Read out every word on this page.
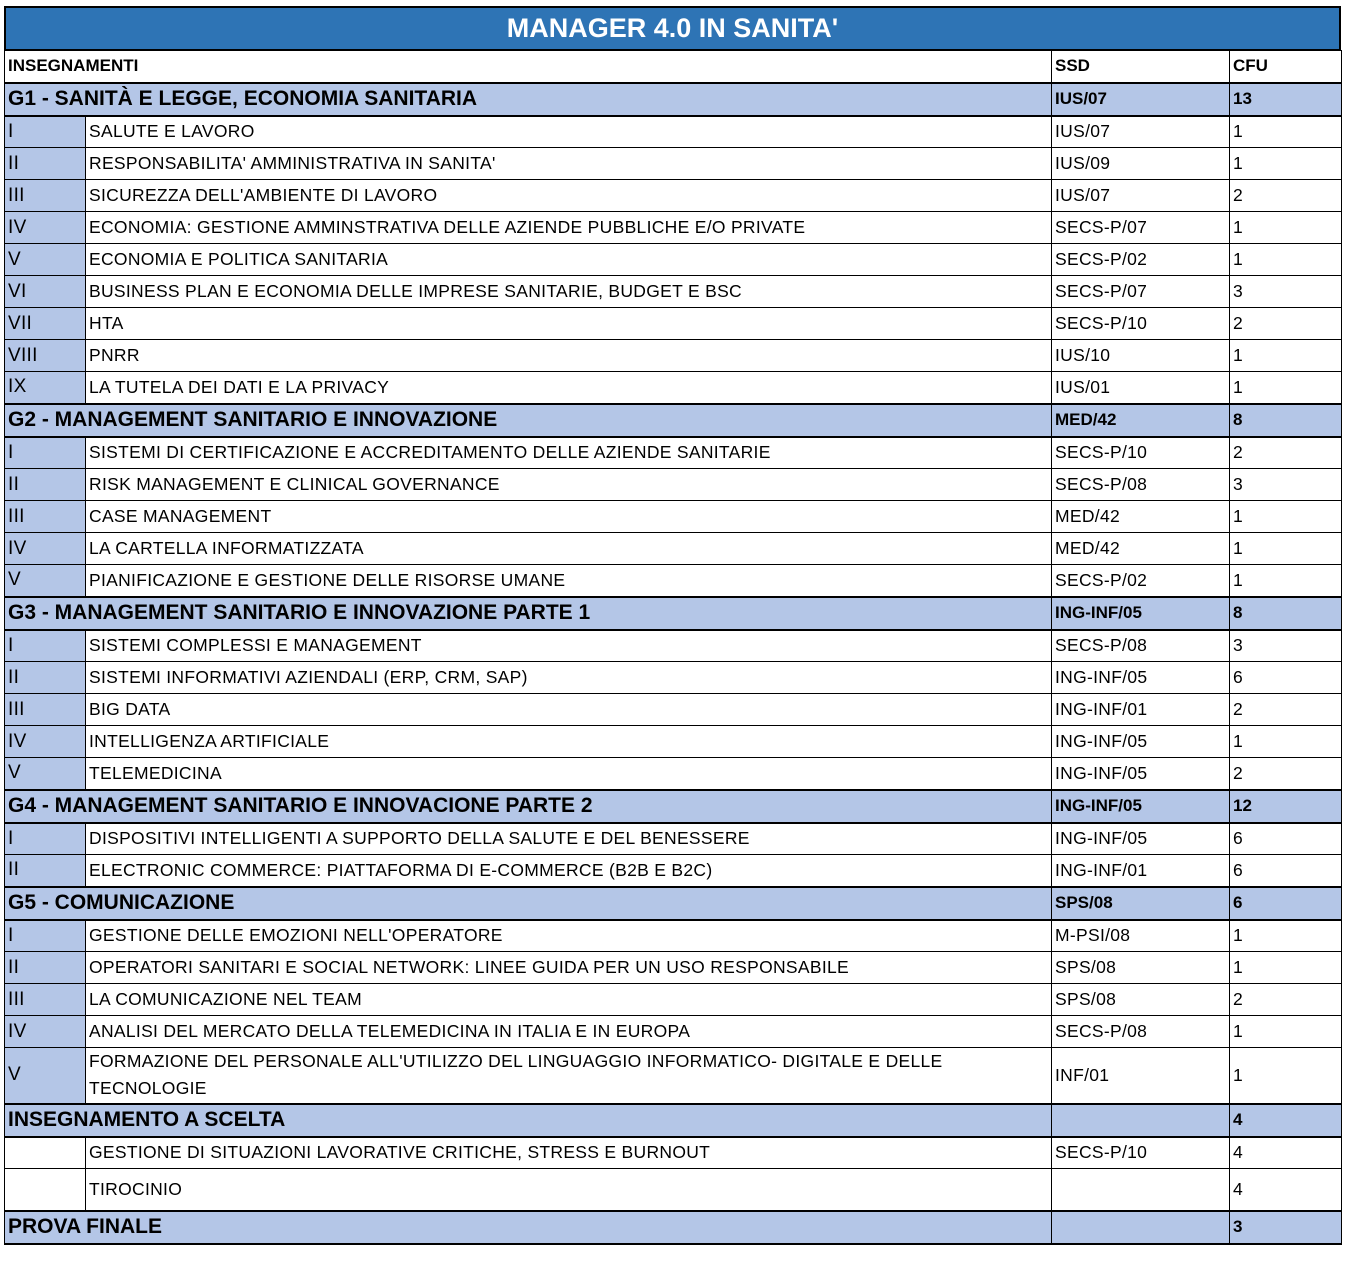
MANAGER 4.0 IN SANITA'
INSEGNAMENTI		SSD	CFU
G1 - SANITÀ E LEGGE, ECONOMIA SANITARIA		IUS/07	13
I	SALUTE E LAVORO	IUS/07	1
II	RESPONSABILITA' AMMINISTRATIVA IN SANITA'	IUS/09	1
III	SICUREZZA DELL'AMBIENTE DI LAVORO	IUS/07	2
IV	ECONOMIA: GESTIONE AMMINSTRATIVA DELLE AZIENDE PUBBLICHE E/O PRIVATE	SECS-P/07	1
V	ECONOMIA E POLITICA SANITARIA	SECS-P/02	1
VI	BUSINESS PLAN E ECONOMIA DELLE IMPRESE SANITARIE, BUDGET E BSC	SECS-P/07	3
VII	HTA	SECS-P/10	2
VIII	PNRR	IUS/10	1
IX	LA TUTELA DEI DATI E LA PRIVACY	IUS/01	1
G2 - MANAGEMENT SANITARIO E INNOVAZIONE		MED/42	8
I	SISTEMI DI CERTIFICAZIONE E ACCREDITAMENTO DELLE AZIENDE SANITARIE	SECS-P/10	2
II	RISK MANAGEMENT E CLINICAL GOVERNANCE	SECS-P/08	3
III	CASE MANAGEMENT	MED/42	1
IV	LA CARTELLA INFORMATIZZATA	MED/42	1
V	PIANIFICAZIONE E GESTIONE DELLE RISORSE UMANE	SECS-P/02	1
G3 - MANAGEMENT SANITARIO E INNOVAZIONE PARTE 1		ING-INF/05	8
I	SISTEMI COMPLESSI E MANAGEMENT	SECS-P/08	3
II	SISTEMI INFORMATIVI AZIENDALI (ERP, CRM, SAP)	ING-INF/05	6
III	BIG DATA	ING-INF/01	2
IV	INTELLIGENZA ARTIFICIALE	ING-INF/05	1
V	TELEMEDICINA	ING-INF/05	2
G4 - MANAGEMENT SANITARIO E INNOVACIONE PARTE 2		ING-INF/05	12
I	DISPOSITIVI INTELLIGENTI A SUPPORTO DELLA SALUTE E DEL BENESSERE	ING-INF/05	6
II	ELECTRONIC COMMERCE: PIATTAFORMA DI E-COMMERCE (B2B E B2C)	ING-INF/01	6
G5 - COMUNICAZIONE		SPS/08	6
I	GESTIONE DELLE EMOZIONI NELL'OPERATORE	M-PSI/08	1
II	OPERATORI SANITARI E SOCIAL NETWORK: LINEE GUIDA PER UN USO RESPONSABILE	SPS/08	1
III	LA COMUNICAZIONE NEL TEAM	SPS/08	2
IV	ANALISI DEL MERCATO DELLA TELEMEDICINA IN ITALIA E IN EUROPA	SECS-P/08	1
V	FORMAZIONE DEL PERSONALE ALL'UTILIZZO DEL LINGUAGGIO INFORMATICO- DIGITALE E DELLE TECNOLOGIE	INF/01	1
INSEGNAMENTO A SCELTA			4
	GESTIONE DI SITUAZIONI LAVORATIVE CRITICHE, STRESS E BURNOUT	SECS-P/10	4
	TIROCINIO		4
PROVA FINALE			3
